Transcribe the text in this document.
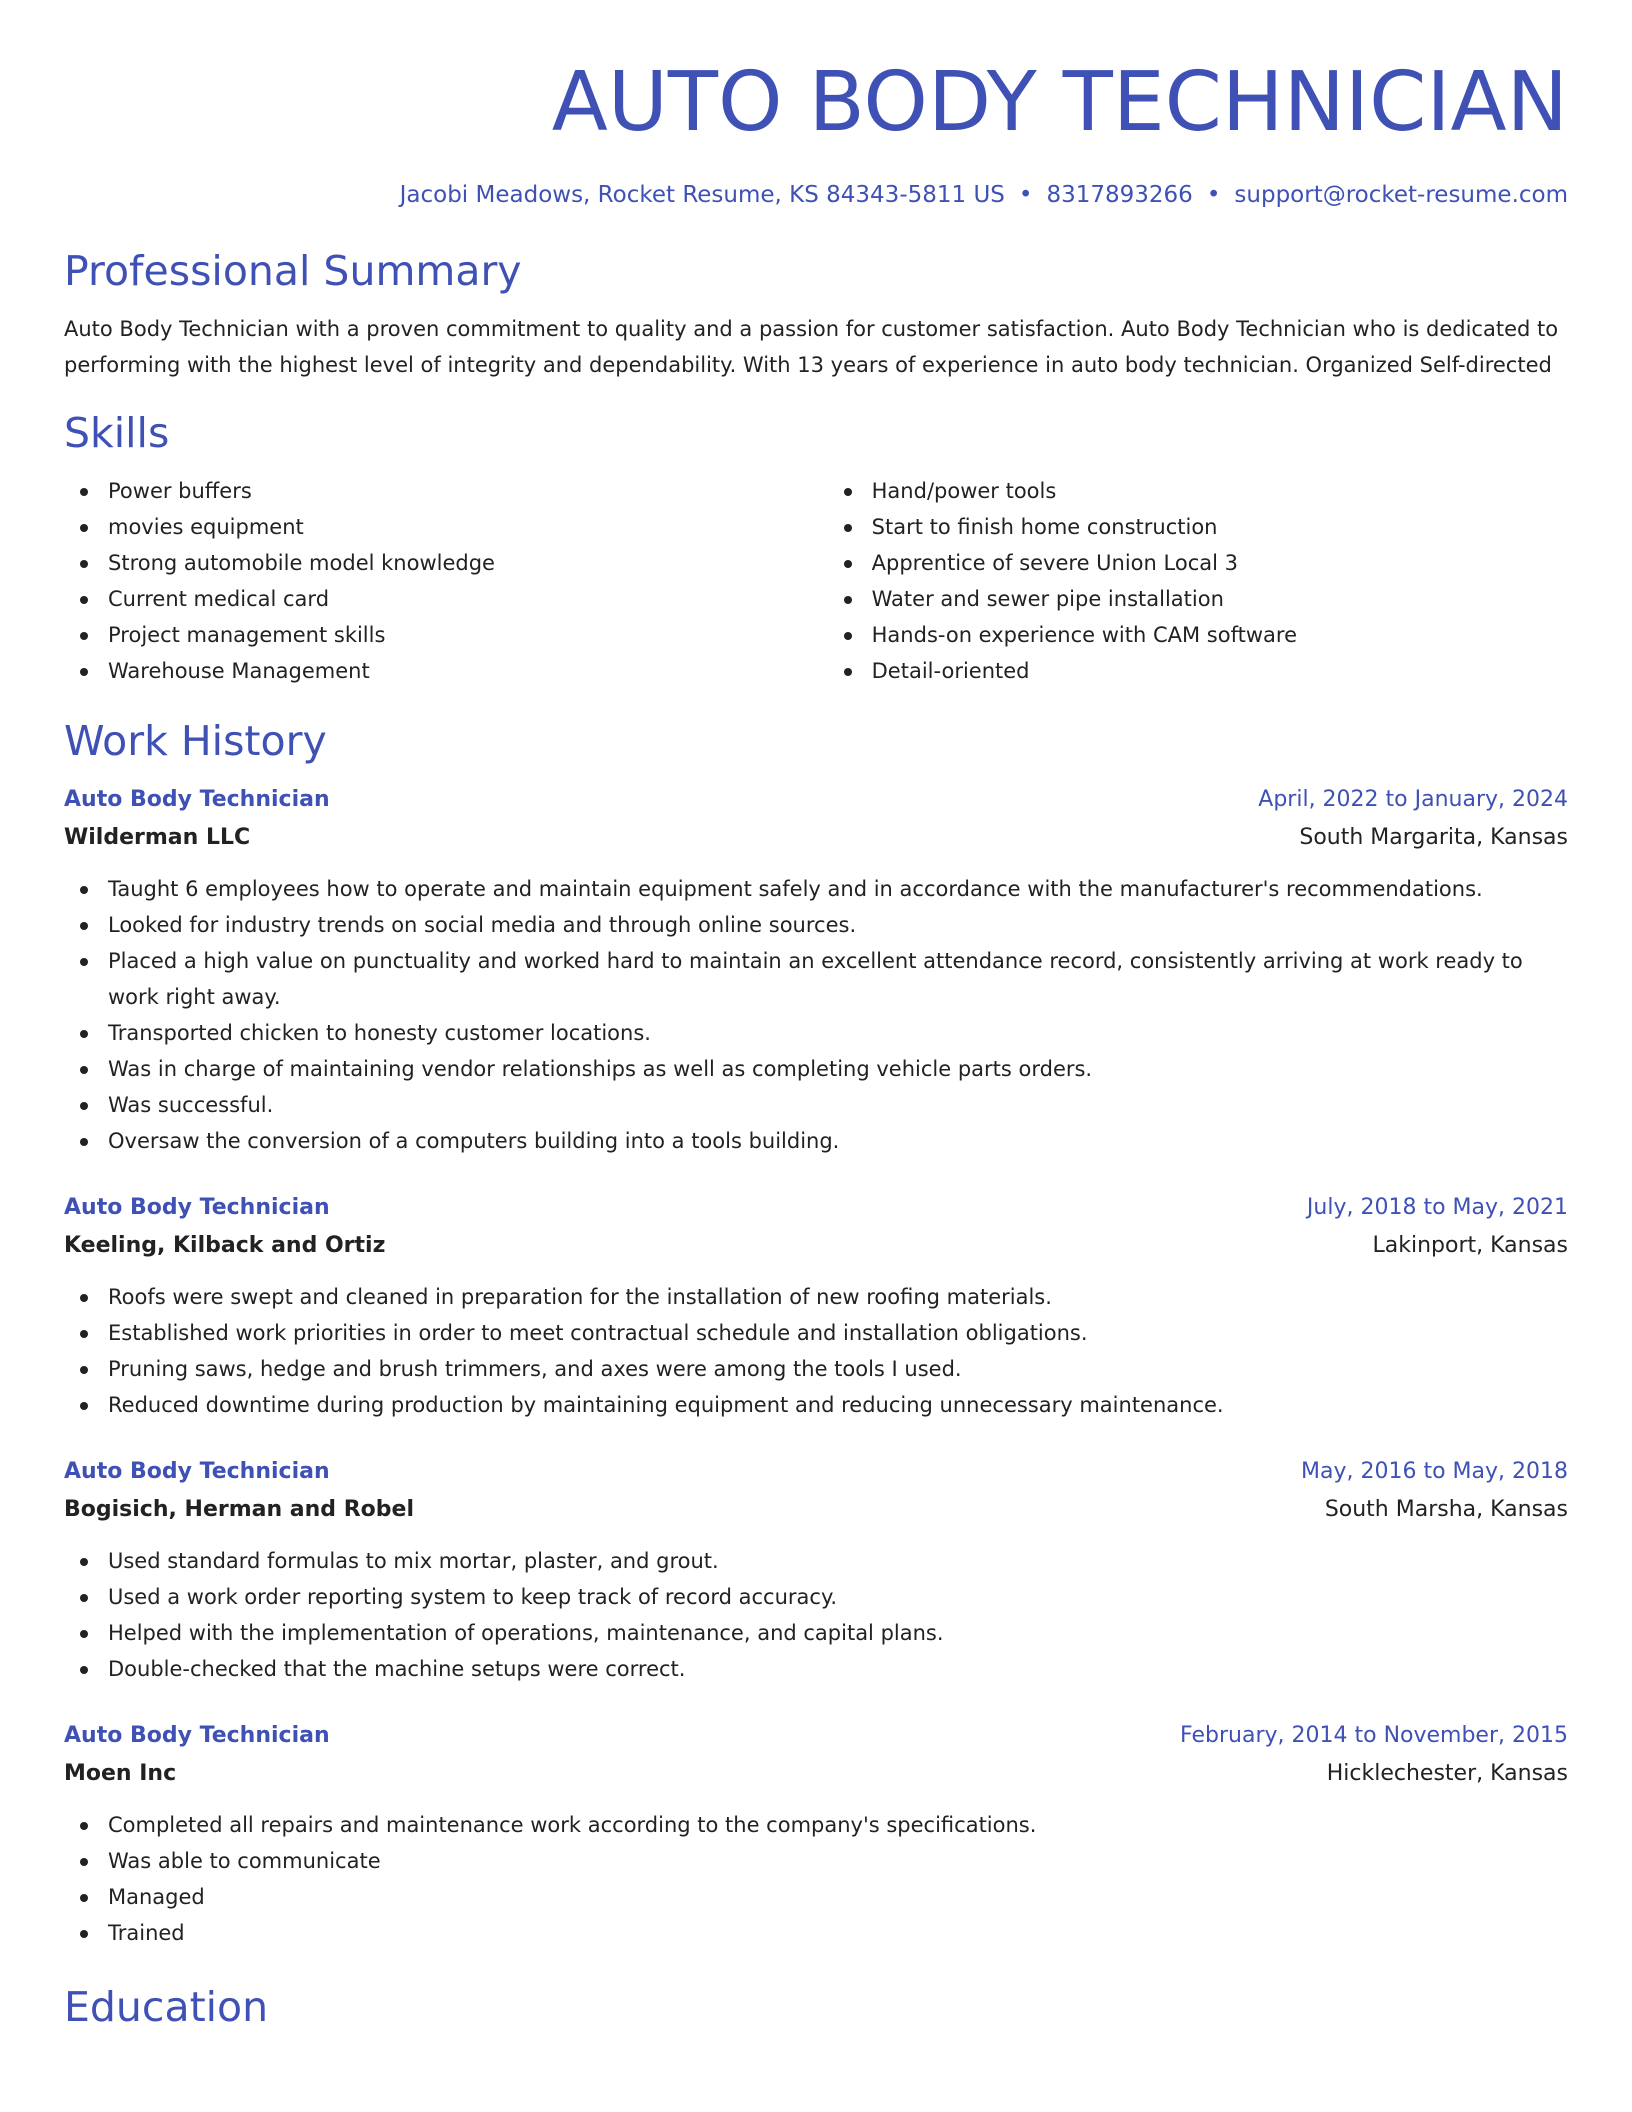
AUTO BODY TECHNICIAN
Jacobi Meadows, Rocket Resume, KS 84343-5811 US • 8317893266 • support@rocket-resume.com
Professional Summary
Auto Body Technician with a proven commitment to quality and a passion for customer satisfaction. Auto Body Technician who is dedicated to performing with the highest level of integrity and dependability. With 13 years of experience in auto body technician. Organized Self-directed
Skills
Power buffers
movies equipment
Strong automobile model knowledge
Current medical card
Project management skills
Warehouse Management
Hand/power tools
Start to finish home construction
Apprentice of severe Union Local 3
Water and sewer pipe installation
Hands-on experience with CAM software
Detail-oriented
Work History
Auto Body Technician	April, 2022 to January, 2024
Wilderman LLC	South Margarita, Kansas
Taught 6 employees how to operate and maintain equipment safely and in accordance with the manufacturer's recommendations.
Looked for industry trends on social media and through online sources.
Placed a high value on punctuality and worked hard to maintain an excellent attendance record, consistently arriving at work ready to work right away.
Transported chicken to honesty customer locations.
Was in charge of maintaining vendor relationships as well as completing vehicle parts orders.
Was successful.
Oversaw the conversion of a computers building into a tools building.
Auto Body Technician	July, 2018 to May, 2021
Keeling, Kilback and Ortiz	Lakinport, Kansas
Roofs were swept and cleaned in preparation for the installation of new roofing materials.
Established work priorities in order to meet contractual schedule and installation obligations.
Pruning saws, hedge and brush trimmers, and axes were among the tools I used.
Reduced downtime during production by maintaining equipment and reducing unnecessary maintenance.
Auto Body Technician	May, 2016 to May, 2018
Bogisich, Herman and Robel	South Marsha, Kansas
Used standard formulas to mix mortar, plaster, and grout.
Used a work order reporting system to keep track of record accuracy.
Helped with the implementation of operations, maintenance, and capital plans.
Double-checked that the machine setups were correct.
Auto Body Technician	February, 2014 to November, 2015
Moen Inc	Hicklechester, Kansas
Completed all repairs and maintenance work according to the company's specifications.
Was able to communicate
Managed
Trained
Education
